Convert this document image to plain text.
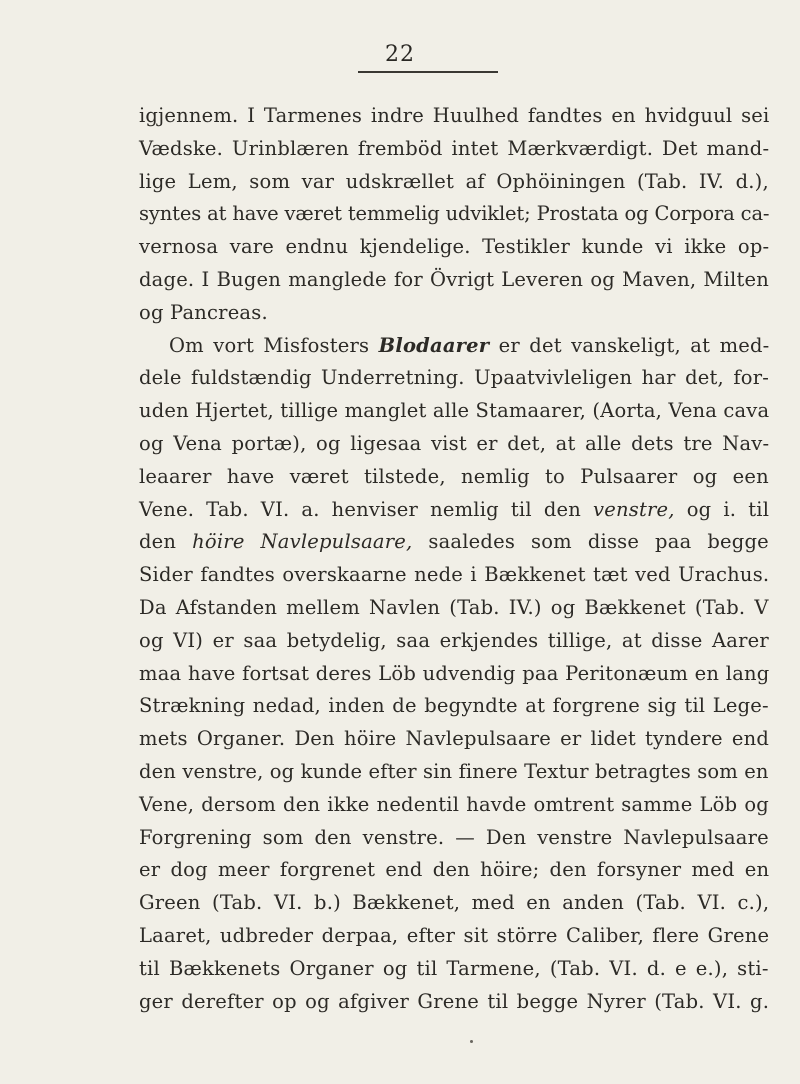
22
igjennem. I Tarmenes indre Huulhed fandtes en hvidguul sei
Vædske. Urinblæren fremböd intet Mærkværdigt. Det mand-
lige Lem, som var udskrællet af Ophöiningen (Tab. IV. d.),
syntes at have været temmelig udviklet; Prostata og Corpora ca-
vernosa vare endnu kjendelige. Testikler kunde vi ikke op-
dage. I Bugen manglede for Övrigt Leveren og Maven, Milten
og Pancreas.
Om vort Misfosters Blodaarer er det vanskeligt, at med-
dele fuldstændig Underretning. Upaatvivleligen har det, for-
uden Hjertet, tillige manglet alle Stamaarer, (Aorta, Vena cava
og Vena portæ), og ligesaa vist er det, at alle dets tre Nav-
leaarer have været tilstede, nemlig to Pulsaarer og een
Vene. Tab. VI. a. henviser nemlig til den venstre, og i. til
den höire Navlepulsaare, saaledes som disse paa begge
Sider fandtes overskaarne nede i Bækkenet tæt ved Urachus.
Da Afstanden mellem Navlen (Tab. IV.) og Bækkenet (Tab. V
og VI) er saa betydelig, saa erkjendes tillige, at disse Aarer
maa have fortsat deres Löb udvendig paa Peritonæum en lang
Strækning nedad, inden de begyndte at forgrene sig til Lege-
mets Organer. Den höire Navlepulsaare er lidet tyndere end
den venstre, og kunde efter sin finere Textur betragtes som en
Vene, dersom den ikke nedentil havde omtrent samme Löb og
Forgrening som den venstre. — Den venstre Navlepulsaare
er dog meer forgrenet end den höire; den forsyner med en
Green (Tab. VI. b.) Bækkenet, med en anden (Tab. VI. c.),
Laaret, udbreder derpaa, efter sit större Caliber, flere Grene
til Bækkenets Organer og til Tarmene, (Tab. VI. d. e e.), sti-
ger derefter op og afgiver Grene til begge Nyrer (Tab. VI. g.
